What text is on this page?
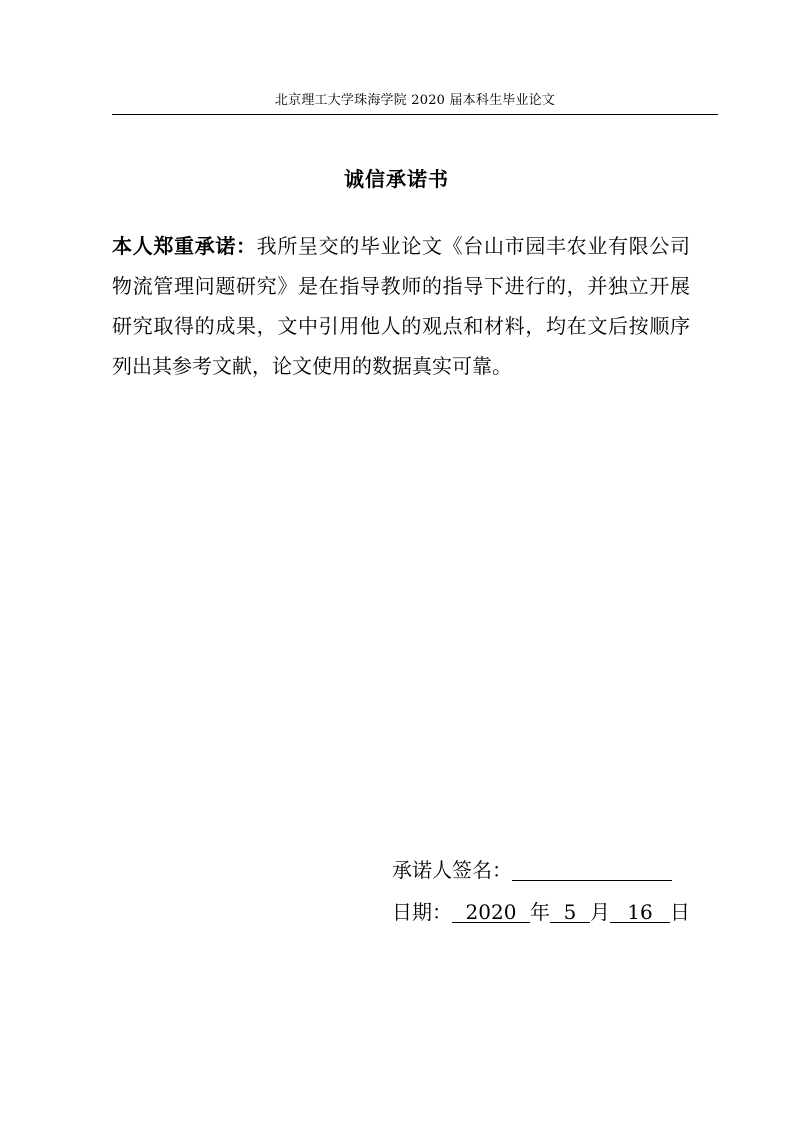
北京理工大学珠海学院 2020 届本科生毕业论文
诚信承诺书
本人郑重承诺：我所呈交的毕业论文《台山市园丰农业有限公司物流管理问题研究》是在指导教师的指导下进行的，并独立开展研究取得的成果，文中引用他人的观点和材料，均在文后按顺序列出其参考文献，论文使用的数据真实可靠。
承诺人签名：
日期： 2020 年 5 月 16 日
